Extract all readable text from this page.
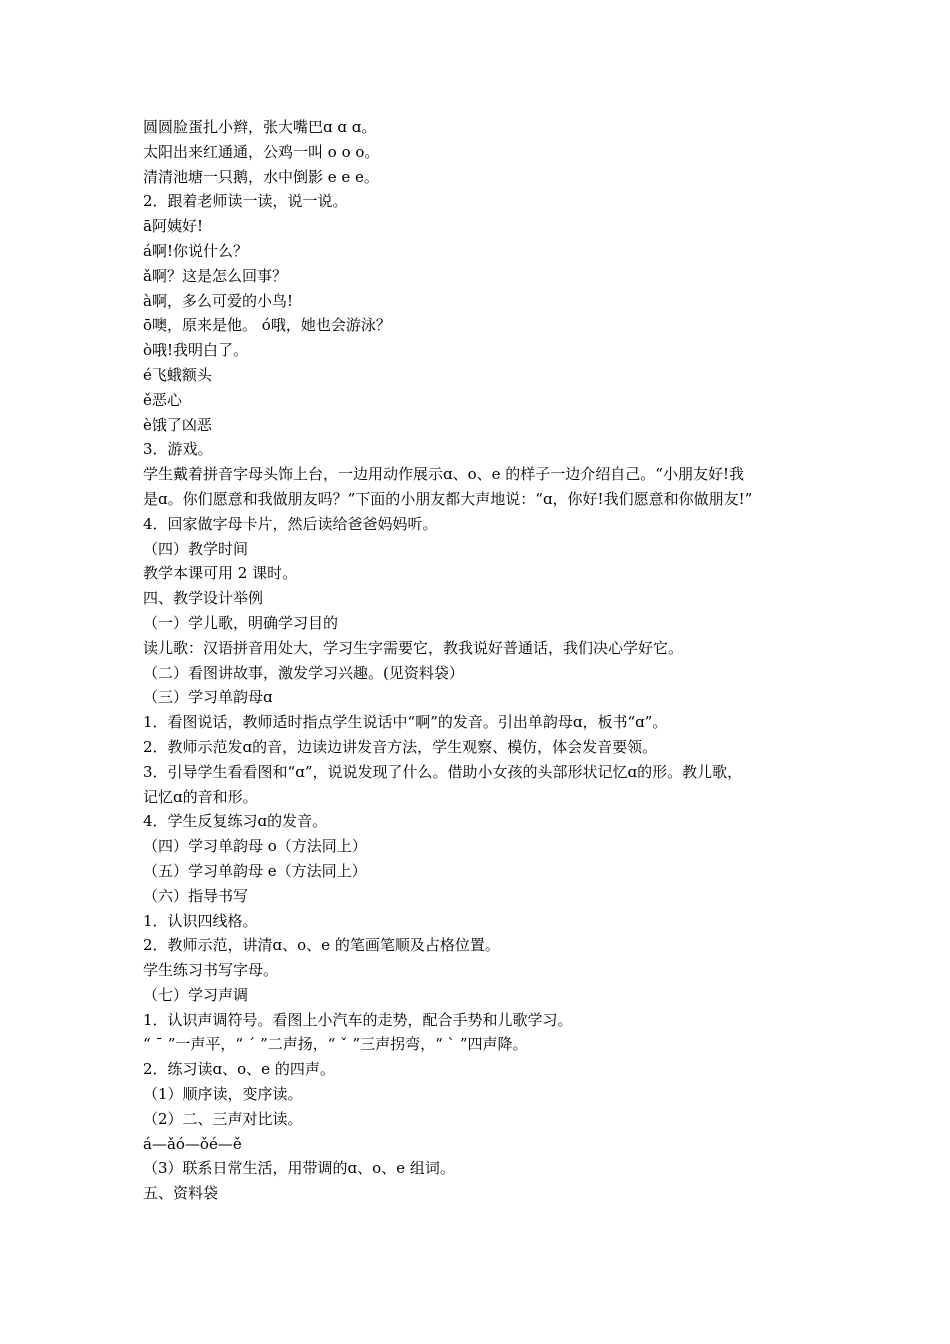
圆圆脸蛋扎小辫，张大嘴巴ɑ ɑ ɑ。
太阳出来红通通，公鸡一叫 o o o。
清清池塘一只鹅，水中倒影 e e e。
2．跟着老师读一读，说一说。
ā阿姨好!
á啊!你说什么？
ǎ啊？这是怎么回事？
à啊，多么可爱的小鸟!
ō噢，原来是他。 ó哦，她也会游泳？
ò哦!我明白了。
é飞蛾额头
ě恶心
è饿了凶恶
3．游戏。
学生戴着拼音字母头饰上台，一边用动作展示ɑ、o、e 的样子一边介绍自己。“小朋友好!我
是ɑ。你们愿意和我做朋友吗？”下面的小朋友都大声地说：“ɑ，你好!我们愿意和你做朋友!”
4．回家做字母卡片，然后读给爸爸妈妈听。
（四）教学时间
教学本课可用 2 课时。
四、教学设计举例
（一）学儿歌，明确学习目的
读儿歌：汉语拼音用处大，学习生字需要它，教我说好普通话，我们决心学好它。
（二）看图讲故事，激发学习兴趣。(见资料袋）
（三）学习单韵母ɑ
1．看图说话，教师适时指点学生说话中“啊”的发音。引出单韵母ɑ，板书“ɑ”。
2．教师示范发ɑ的音，边读边讲发音方法，学生观察、模仿，体会发音要领。
3．引导学生看看图和“ɑ”，说说发现了什么。借助小女孩的头部形状记忆ɑ的形。教儿歌，
记忆ɑ的音和形。
4．学生反复练习ɑ的发音。
（四）学习单韵母 o（方法同上）
（五）学习单韵母 e（方法同上）
（六）指导书写
1．认识四线格。
2．教师示范，讲清ɑ、o、e 的笔画笔顺及占格位置。
学生练习书写字母。
（七）学习声调
1．认识声调符号。看图上小汽车的走势，配合手势和儿歌学习。
“ ˉ ”一声平，“ ˊ ”二声扬，“ ˇ ”三声拐弯，“ ˋ ”四声降。
2．练习读ɑ、o、e 的四声。
（1）顺序读，变序读。
（2）二、三声对比读。
á—ǎó—ǒé—ě
（3）联系日常生活，用带调的ɑ、o、e 组词。
五、资料袋
